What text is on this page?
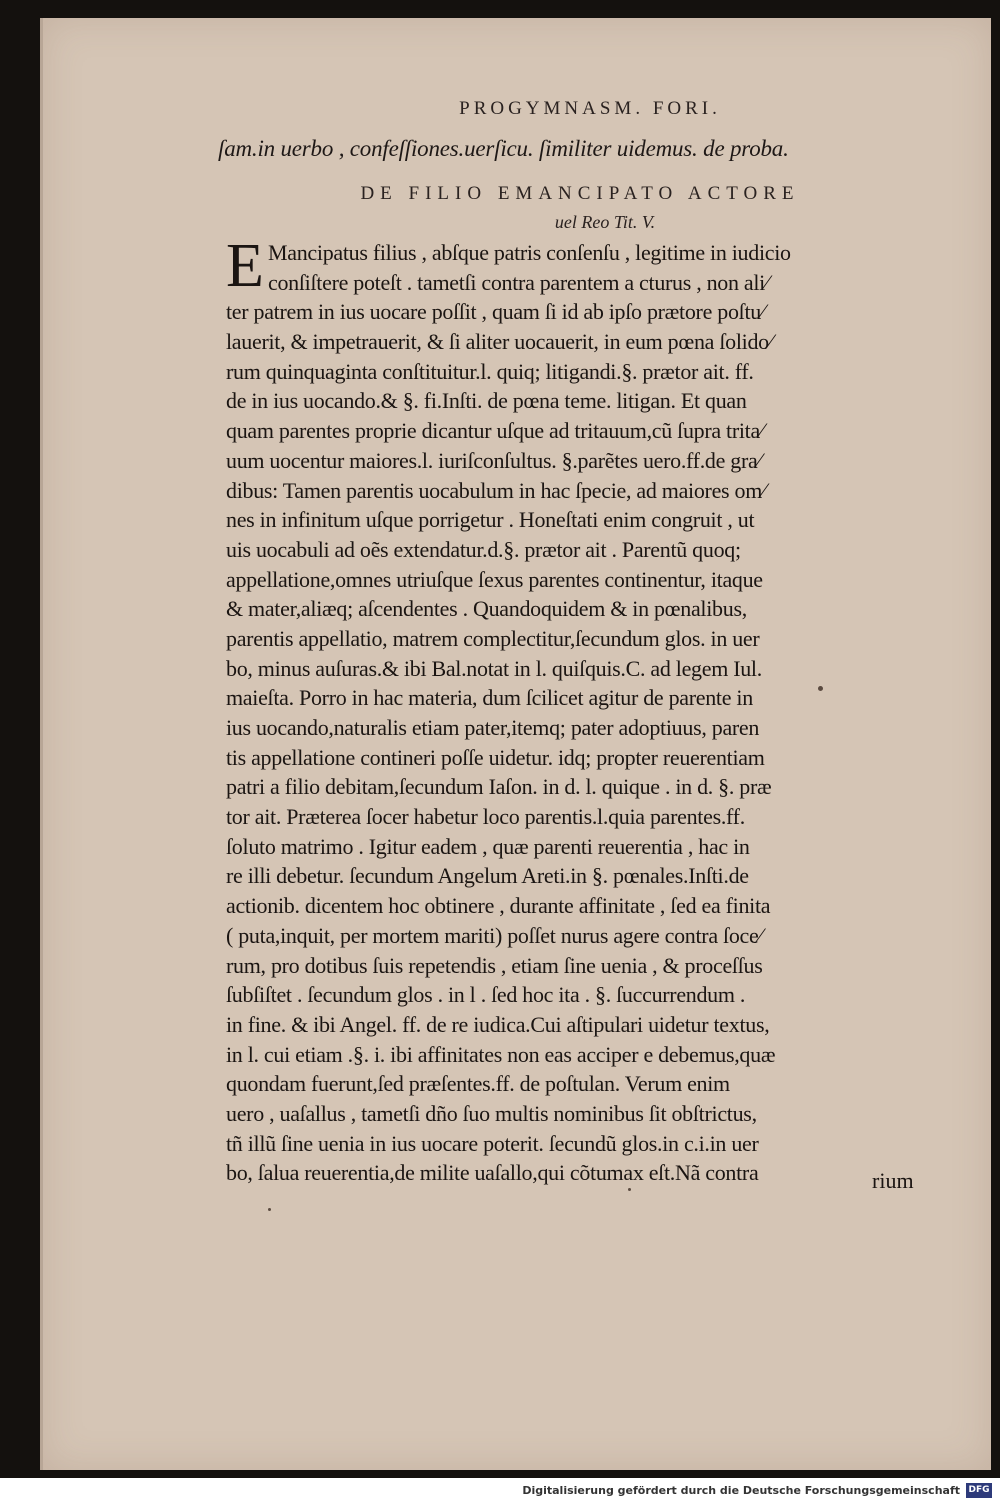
PROGYMNASM. FORI.
ſam.in uerbo , confeſſiones.uerſicu. ſimiliter uidemus. de proba.
DE FILIO EMANCIPATO ACTORE
uel Reo Tit. V.
E Mancipatus filius , abſque patris conſenſu , legitime in iudicio
conſiſtere poteſt . tametſi contra parentem a cturus , non ali⁄
ter patrem in ius uocare poſſit , quam ſi id ab ipſo prætore poſtu⁄
lauerit, & impetrauerit, & ſi aliter uocauerit, in eum pœna ſolido⁄
rum quinquaginta conſtituitur.l. quiq; litigandi.§. prætor ait. ff.
de in ius uocando.& §. fi.Inſti. de pœna teme. litigan. Et quan
quam parentes proprie dicantur uſque ad tritauum,cũ ſupra trita⁄
uum uocentur maiores.l. iuriſconſultus. §.parẽtes uero.ff.de gra⁄
dibus: Tamen parentis uocabulum in hac ſpecie, ad maiores om⁄
nes in infinitum uſque porrigetur . Honeſtati enim congruit , ut
uis uocabuli ad oẽs extendatur.d.§. prætor ait . Parentũ quoq;
appellatione,omnes utriuſque ſexus parentes continentur, itaque
& mater,aliæq; aſcendentes . Quandoquidem & in pœnalibus,
parentis appellatio, matrem complectitur,ſecundum glos. in uer
bo, minus auſuras.& ibi Bal.notat in l. quiſquis.C. ad legem Iul.
maieſta. Porro in hac materia, dum ſcilicet agitur de parente in
ius uocando,naturalis etiam pater,itemq; pater adoptiuus, paren
tis appellatione contineri poſſe uidetur. idq; propter reuerentiam
patri a filio debitam,ſecundum Iaſon. in d. l. quique . in d. §. præ
tor ait. Præterea ſocer habetur loco parentis.l.quia parentes.ff.
ſoluto matrimo . Igitur eadem , quæ parenti reuerentia , hac in
re illi debetur. ſecundum Angelum Areti.in §. pœnales.Inſti.de
actionib. dicentem hoc obtinere , durante affinitate , ſed ea finita
( puta,inquit, per mortem mariti) poſſet nurus agere contra ſoce⁄
rum, pro dotibus ſuis repetendis , etiam ſine uenia , & proceſſus
ſubſiſtet . ſecundum glos . in l . ſed hoc ita . §. ſuccurrendum .
in fine. & ibi Angel. ff. de re iudica.Cui aſtipulari uidetur textus,
in l. cui etiam .§. i. ibi affinitates non eas acciper e debemus,quæ
quondam fuerunt,ſed præſentes.ff. de poſtulan. Verum enim
uero , uaſallus , tametſi dño ſuo multis nominibus ſit obſtrictus,
tñ illũ ſine uenia in ius uocare poterit. ſecundũ glos.in c.i.in uer
bo, ſalua reuerentia,de milite uaſallo,qui cõtumax eſt.Nã contra	rium
Digitalisierung gefördert durch die Deutsche Forschungsgemeinschaft DFG
